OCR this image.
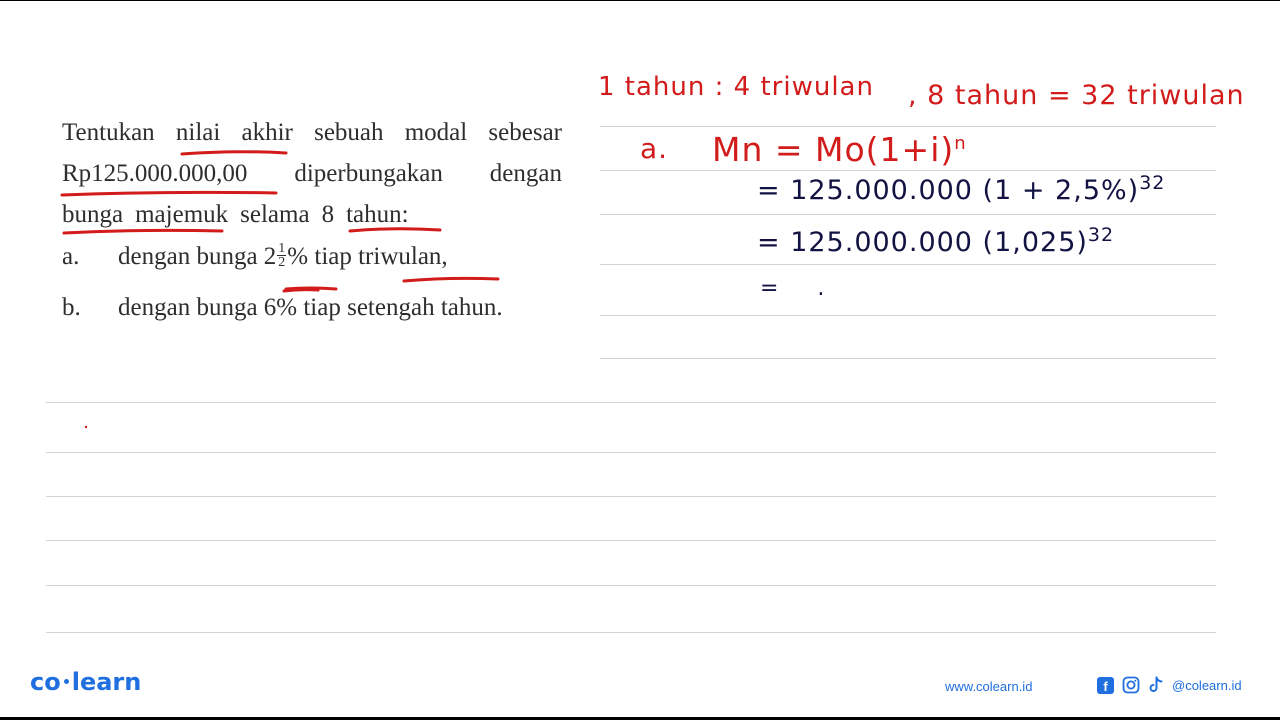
Tentukan nilai akhir sebuah modal sebesar
Rp125.000.000,00 diperbungakan dengan
bunga majemuk selama 8 tahun:
a. dengan bunga $2 \frac{1}{2}$ % tiap triwulan,
b. dengan bunga 6% tiap setengah tahun.
1 tahun : 4 triwulan , 8 tahun = 32 triwulan
a. $Mn = Mo(1+i)^n$
= 125.000.000 $(1 + 2,5\%)^{32}$
= 125.000.000 $(1,025)^{32}$
= .
co learn	www.colearn.id	f	@colearn.id
